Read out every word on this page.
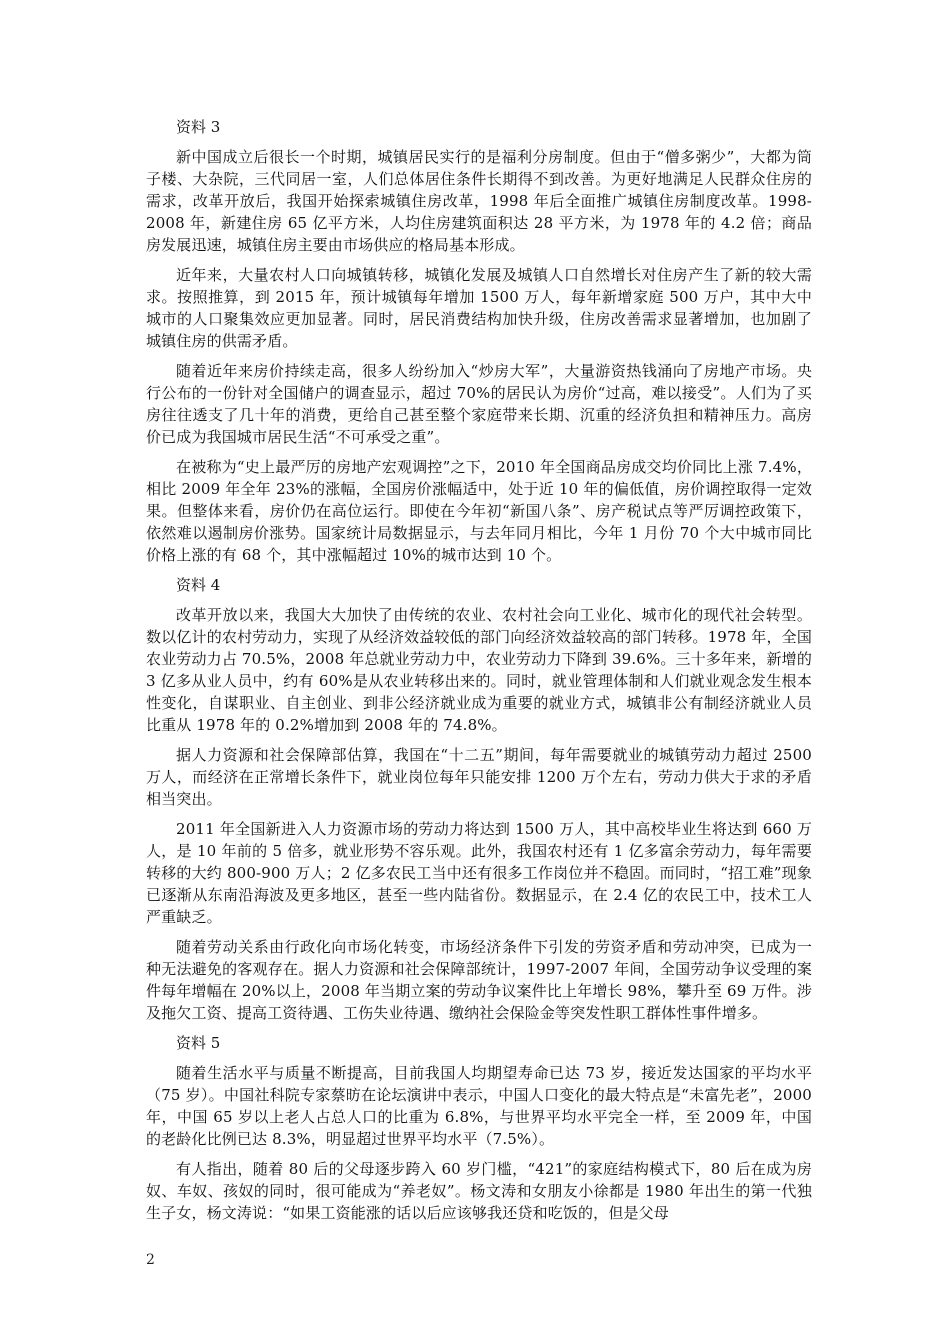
资料 3

新中国成立后很长一个时期，城镇居民实行的是福利分房制度。但由于“僧多粥少”，大都为筒子楼、大杂院，三代同居一室，人们总体居住条件长期得不到改善。为更好地满足人民群众住房的需求，改革开放后，我国开始探索城镇住房改革，1998 年后全面推广城镇住房制度改革。1998-2008 年，新建住房 65 亿平方米，人均住房建筑面积达 28 平方米，为 1978 年的 4.2 倍；商品房发展迅速，城镇住房主要由市场供应的格局基本形成。

近年来，大量农村人口向城镇转移，城镇化发展及城镇人口自然增长对住房产生了新的较大需求。按照推算，到 2015 年，预计城镇每年增加 1500 万人，每年新增家庭 500 万户，其中大中城市的人口聚集效应更加显著。同时，居民消费结构加快升级，住房改善需求显著增加，也加剧了城镇住房的供需矛盾。

随着近年来房价持续走高，很多人纷纷加入“炒房大军”，大量游资热钱涌向了房地产市场。央行公布的一份针对全国储户的调查显示，超过 70%的居民认为房价“过高，难以接受”。人们为了买房往往透支了几十年的消费，更给自己甚至整个家庭带来长期、沉重的经济负担和精神压力。高房价已成为我国城市居民生活“不可承受之重”。

在被称为“史上最严厉的房地产宏观调控”之下，2010 年全国商品房成交均价同比上涨 7.4%，相比 2009 年全年 23%的涨幅，全国房价涨幅适中，处于近 10 年的偏低值，房价调控取得一定效果。但整体来看，房价仍在高位运行。即使在今年初“新国八条”、房产税试点等严厉调控政策下，依然难以遏制房价涨势。国家统计局数据显示，与去年同月相比，今年 1 月份 70 个大中城市同比价格上涨的有 68 个，其中涨幅超过 10%的城市达到 10 个。

资料 4

改革开放以来，我国大大加快了由传统的农业、农村社会向工业化、城市化的现代社会转型。数以亿计的农村劳动力，实现了从经济效益较低的部门向经济效益较高的部门转移。1978 年，全国农业劳动力占 70.5%，2008 年总就业劳动力中，农业劳动力下降到 39.6%。三十多年来，新增的 3 亿多从业人员中，约有 60%是从农业转移出来的。同时，就业管理体制和人们就业观念发生根本性变化，自谋职业、自主创业、到非公经济就业成为重要的就业方式，城镇非公有制经济就业人员比重从 1978 年的 0.2%增加到 2008 年的 74.8%。

据人力资源和社会保障部估算，我国在“十二五”期间，每年需要就业的城镇劳动力超过 2500 万人，而经济在正常增长条件下，就业岗位每年只能安排 1200 万个左右，劳动力供大于求的矛盾相当突出。

2011 年全国新进入人力资源市场的劳动力将达到 1500 万人，其中高校毕业生将达到 660 万人，是 10 年前的 5 倍多，就业形势不容乐观。此外，我国农村还有 1 亿多富余劳动力，每年需要转移的大约 800-900 万人；2 亿多农民工当中还有很多工作岗位并不稳固。而同时，“招工难”现象已逐渐从东南沿海波及更多地区，甚至一些内陆省份。数据显示，在 2.4 亿的农民工中，技术工人严重缺乏。

随着劳动关系由行政化向市场化转变，市场经济条件下引发的劳资矛盾和劳动冲突，已成为一种无法避免的客观存在。据人力资源和社会保障部统计，1997-2007 年间，全国劳动争议受理的案件每年增幅在 20%以上，2008 年当期立案的劳动争议案件比上年增长 98%，攀升至 69 万件。涉及拖欠工资、提高工资待遇、工伤失业待遇、缴纳社会保险金等突发性职工群体性事件增多。

资料 5

随着生活水平与质量不断提高，目前我国人均期望寿命已达 73 岁，接近发达国家的平均水平（75 岁）。中国社科院专家蔡昉在论坛演讲中表示，中国人口变化的最大特点是“未富先老”，2000 年，中国 65 岁以上老人占总人口的比重为 6.8%，与世界平均水平完全一样，至 2009 年，中国的老龄化比例已达 8.3%，明显超过世界平均水平（7.5%）。

有人指出，随着 80 后的父母逐步跨入 60 岁门槛，“421”的家庭结构模式下，80 后在成为房奴、车奴、孩奴的同时，很可能成为“养老奴”。杨文涛和女朋友小徐都是 1980 年出生的第一代独生子女，杨文涛说：“如果工资能涨的话以后应该够我还贷和吃饭的，但是父母

2
